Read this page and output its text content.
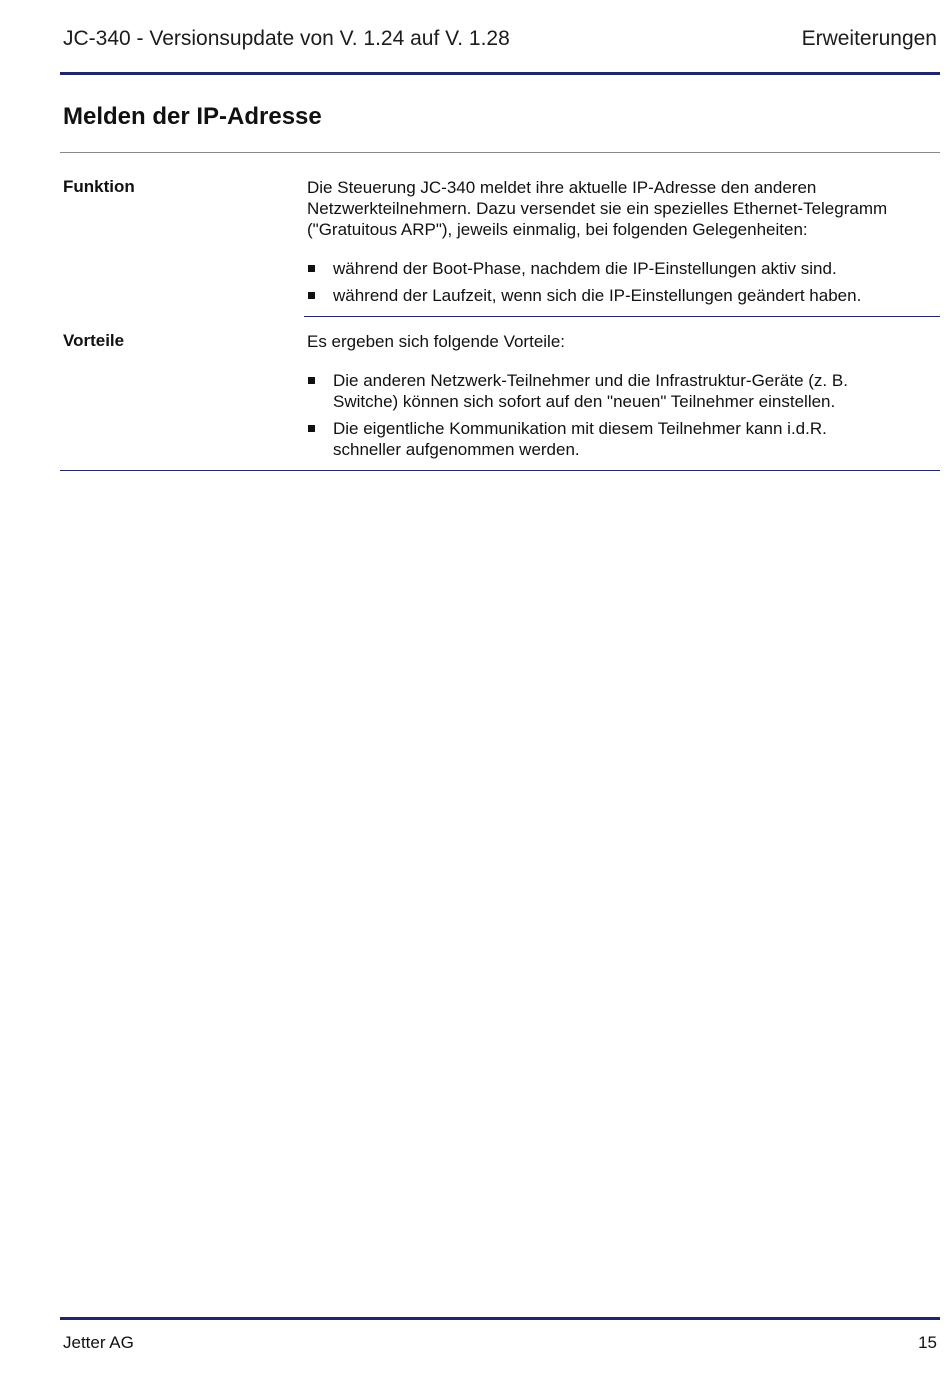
JC-340 - Versionsupdate von V. 1.24 auf V. 1.28	Erweiterungen
Melden der IP-Adresse
Funktion	Die Steuerung JC-340 meldet ihre aktuelle IP-Adresse den anderen
Netzwerkteilnehmern. Dazu versendet sie ein spezielles Ethernet-Telegramm
("Gratuitous ARP"), jeweils einmalig, bei folgenden Gelegenheiten:
während der Boot-Phase, nachdem die IP-Einstellungen aktiv sind.
während der Laufzeit, wenn sich die IP-Einstellungen geändert haben.
Vorteile	Es ergeben sich folgende Vorteile:
Die anderen Netzwerk-Teilnehmer und die Infrastruktur-Geräte (z. B.
Switche) können sich sofort auf den "neuen" Teilnehmer einstellen.
Die eigentliche Kommunikation mit diesem Teilnehmer kann i.d.R.
schneller aufgenommen werden.
Jetter AG	15
